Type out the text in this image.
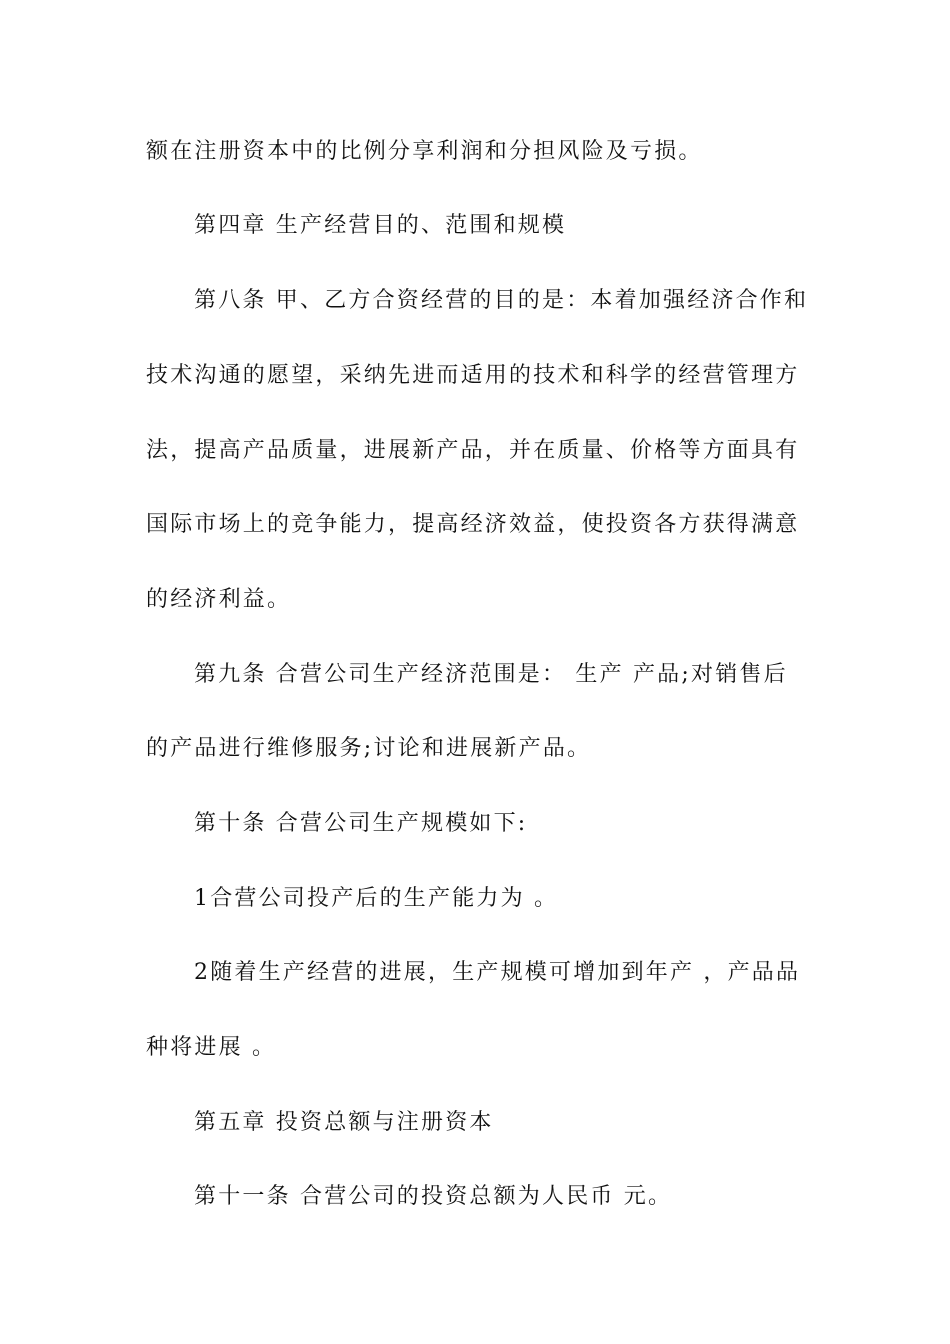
额在注册资本中的比例分享利润和分担风险及亏损。
第四章 生产经营目的、范围和规模
第八条 甲、乙方合资经营的目的是：本着加强经济合作和
技术沟通的愿望，采纳先进而适用的技术和科学的经营管理方
法，提高产品质量，进展新产品，并在质量、价格等方面具有
国际市场上的竞争能力，提高经济效益，使投资各方获得满意
的经济利益。
第九条 合营公司生产经济范围是： 生产 产品;对销售后
的产品进行维修服务;讨论和进展新产品。
第十条 合营公司生产规模如下:
1合营公司投产后的生产能力为 。
2随着生产经营的进展，生产规模可增加到年产 ，产品品
种将进展 。
第五章 投资总额与注册资本
第十一条 合营公司的投资总额为人民币 元。
